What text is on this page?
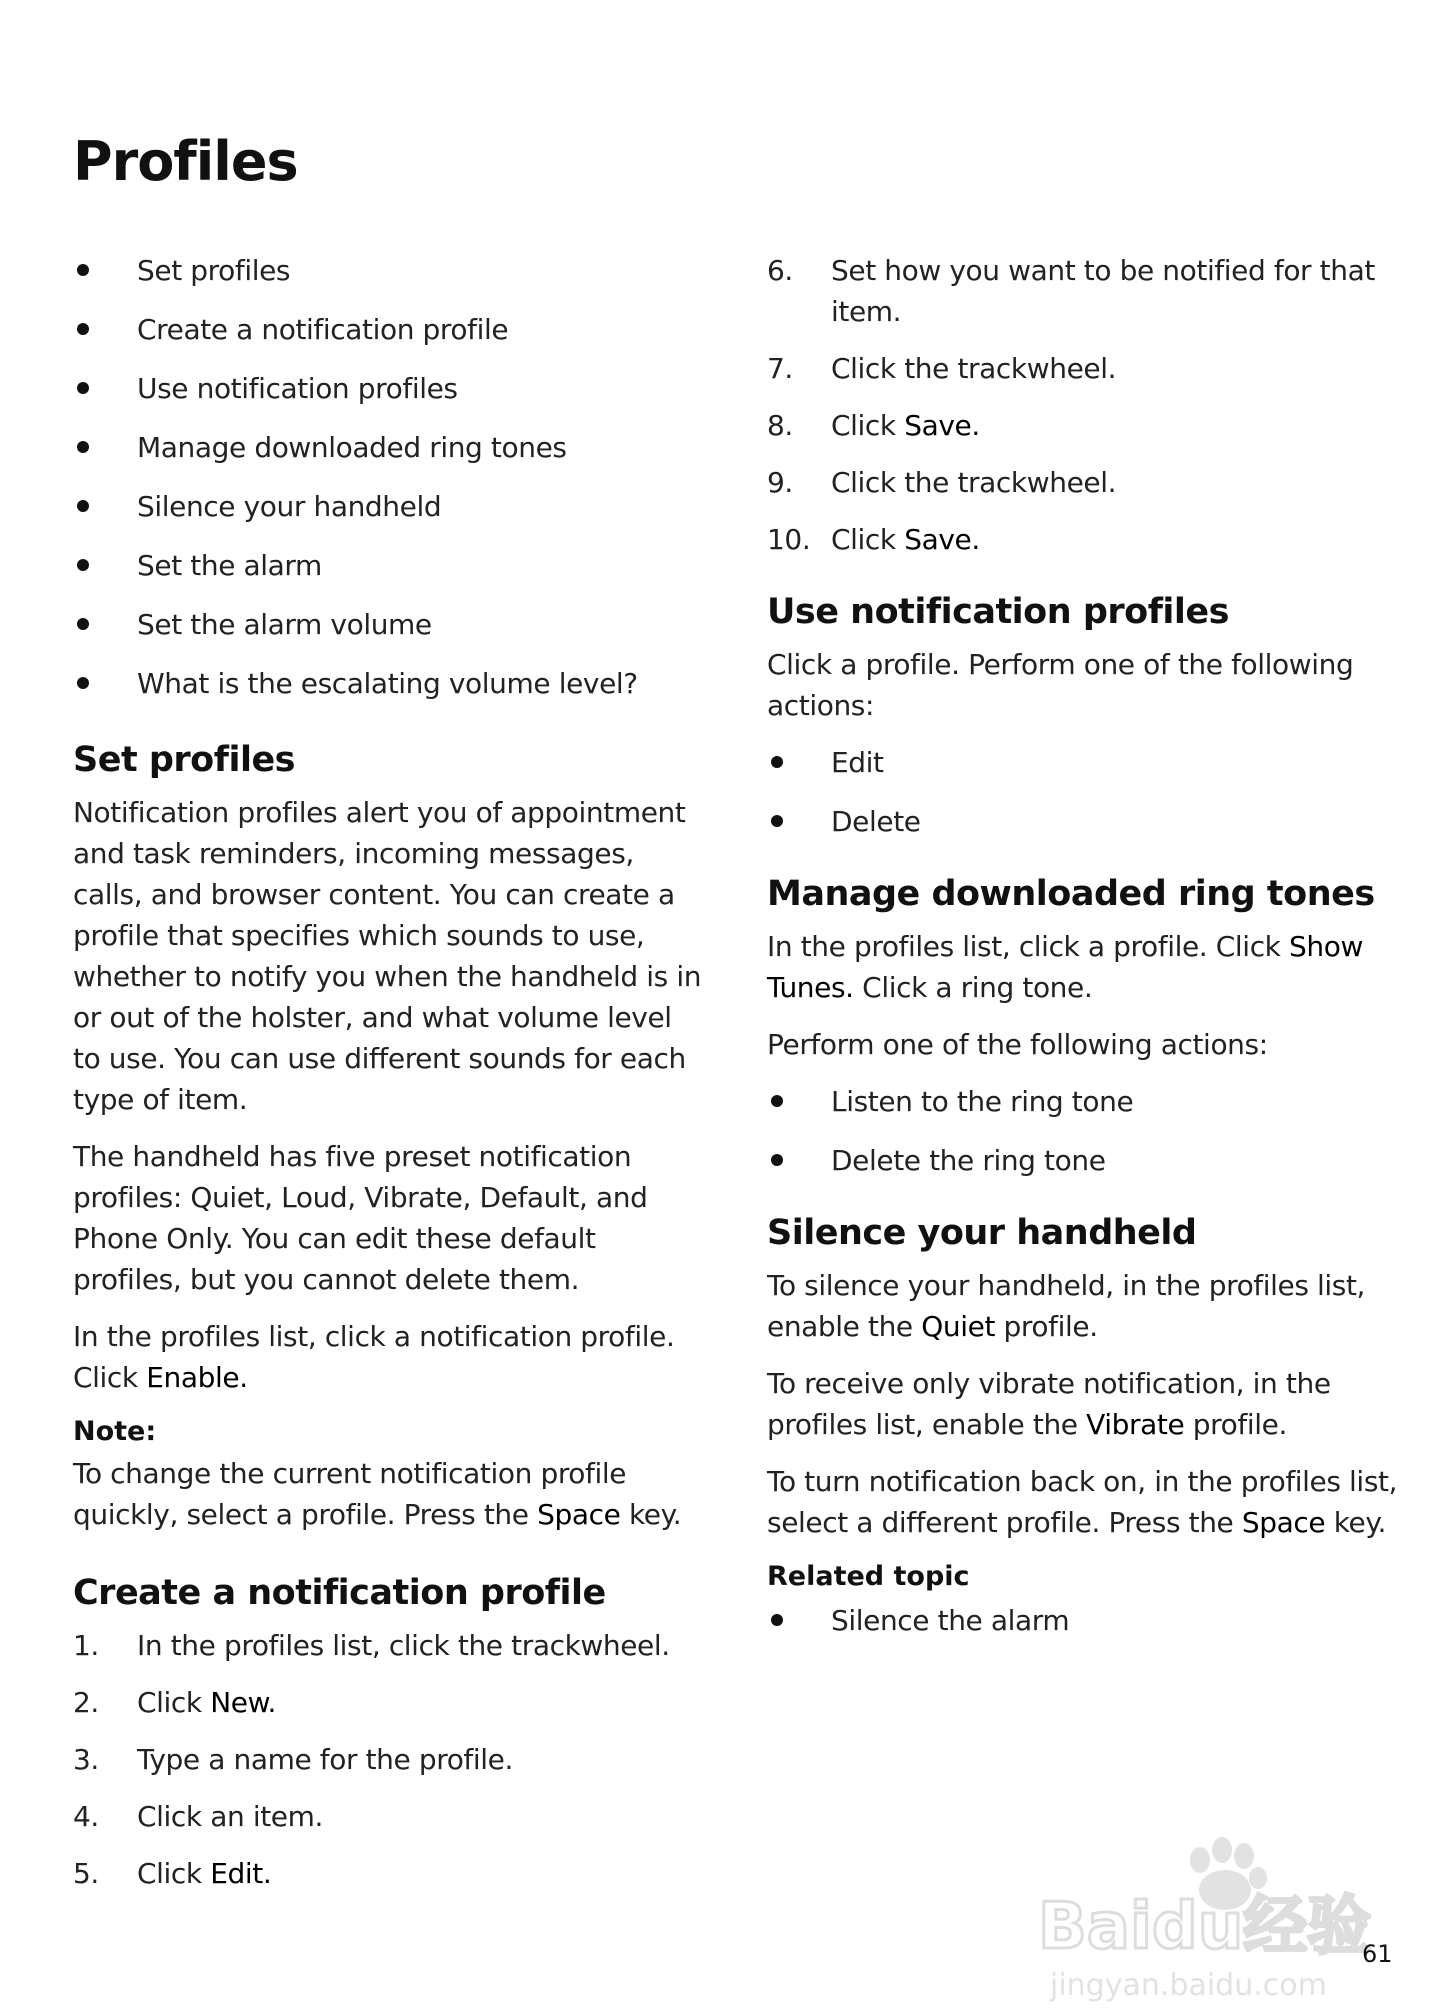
Profiles
Set profiles
Create a notification profile
Use notification profiles
Manage downloaded ring tones
Silence your handheld
Set the alarm
Set the alarm volume
What is the escalating volume level?
Set profiles

Notification profiles alert you of appointment and task reminders, incoming messages, calls, and browser content. You can create a profile that specifies which sounds to use, whether to notify you when the handheld is in or out of the holster, and what volume level to use. You can use different sounds for each type of item.

The handheld has five preset notification profiles: Quiet, Loud, Vibrate, Default, and Phone Only. You can edit these default profiles, but you cannot delete them.

In the profiles list, click a notification profile. Click Enable.

Note:

To change the current notification profile quickly, select a profile. Press the Space key.

Create a notification profile
1. In the profiles list, click the trackwheel.
2. Click New.
3. Type a name for the profile.
4. Click an item.
5. Click Edit.
6. Set how you want to be notified for that item.
7. Click the trackwheel.
8. Click Save.
9. Click the trackwheel.
10. Click Save.
Use notification profiles

Click a profile. Perform one of the following actions:

Edit
Delete
Manage downloaded ring tones

In the profiles list, click a profile. Click Show Tunes. Click a ring tone.

Perform one of the following actions:

Listen to the ring tone
Delete the ring tone
Silence your handheld

To silence your handheld, in the profiles list, enable the Quiet profile.

To receive only vibrate notification, in the profiles list, enable the Vibrate profile.

To turn notification back on, in the profiles list, select a different profile. Press the Space key.

Related topic
Silence the alarm
Baidu经验
jingyan.baidu.com
61
